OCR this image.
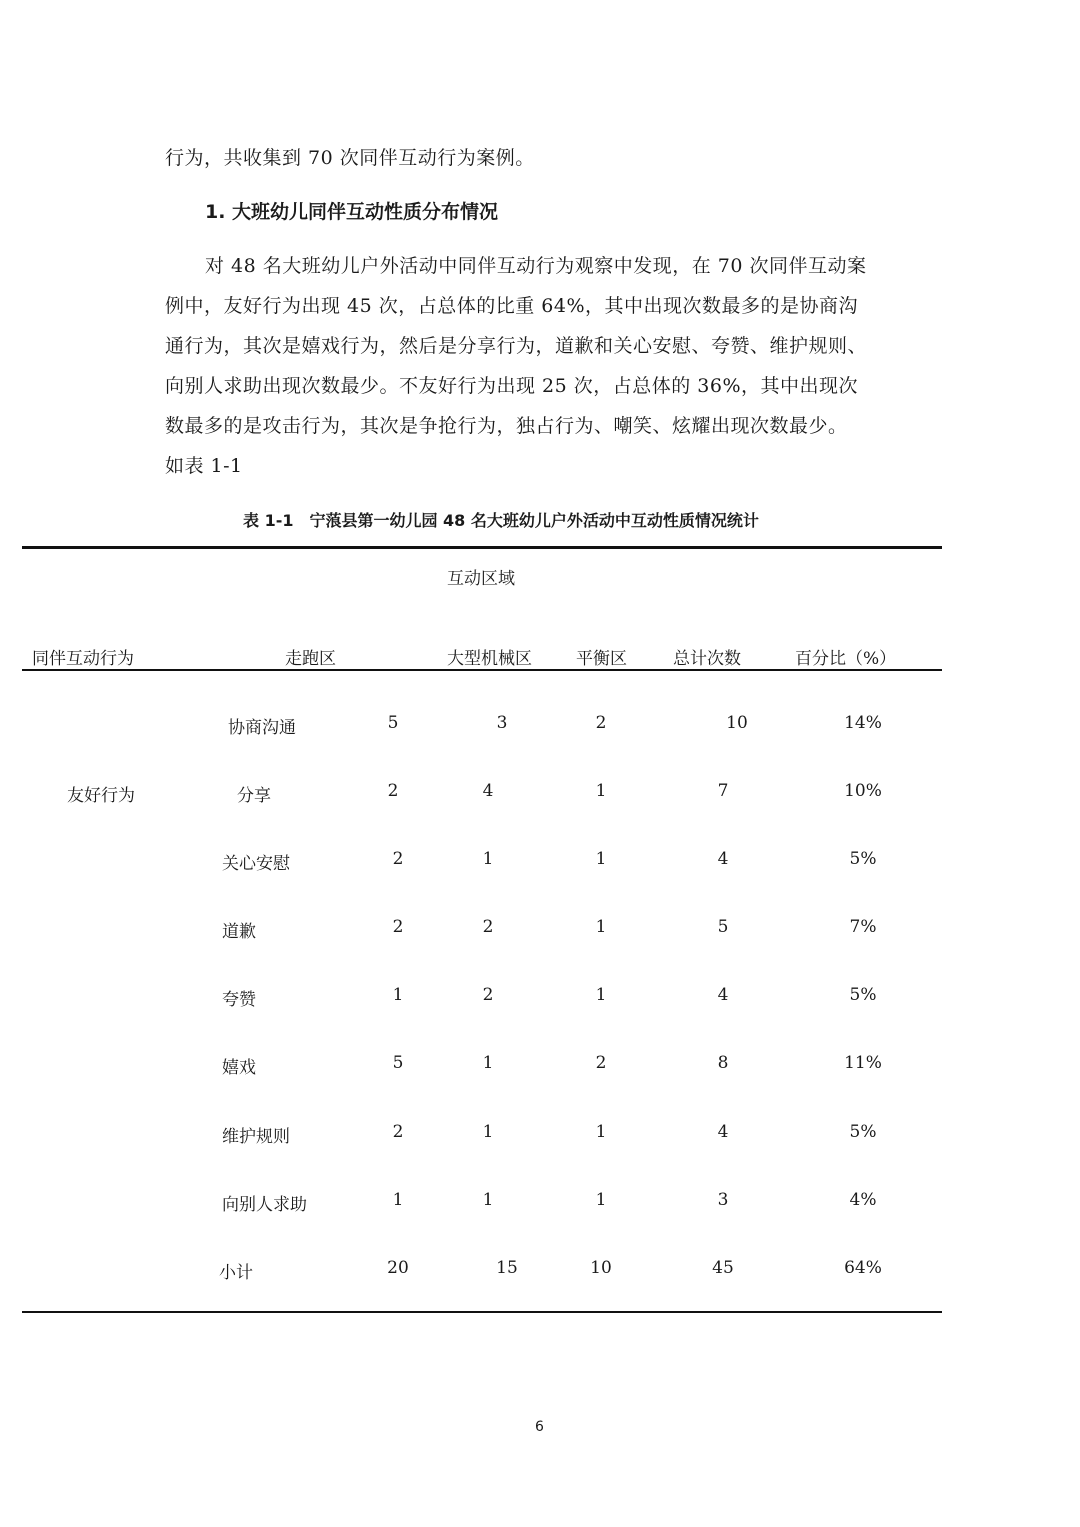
行为，共收集到 70 次同伴互动行为案例。
1. 大班幼儿同伴互动性质分布情况
对 48 名大班幼儿户外活动中同伴互动行为观察中发现，在 70 次同伴互动案
例中，友好行为出现 45 次，占总体的比重 64%，其中出现次数最多的是协商沟
通行为，其次是嬉戏行为，然后是分享行为，道歉和关心安慰、夸赞、维护规则、
向别人求助出现次数最少。不友好行为出现 25 次，占总体的 36%，其中出现次
数最多的是攻击行为，其次是争抢行为，独占行为、嘲笑、炫耀出现次数最少。
如表 1-1
表 1-1　宁蒗县第一幼儿园 48 名大班幼儿户外活动中互动性质情况统计
互动区域
同伴互动行为	走跑区	大型机械区	平衡区	总计次数	百分比（%）
友好行为
协商沟通	5	3	2	10	14%
分享	2	4	1	7	10%
关心安慰	2	1	1	4	5%
道歉	2	2	1	5	7%
夸赞	1	2	1	4	5%
嬉戏	5	1	2	8	11%
维护规则	2	1	1	4	5%
向别人求助	1	1	1	3	4%
小计	20	15	10	45	64%
6
